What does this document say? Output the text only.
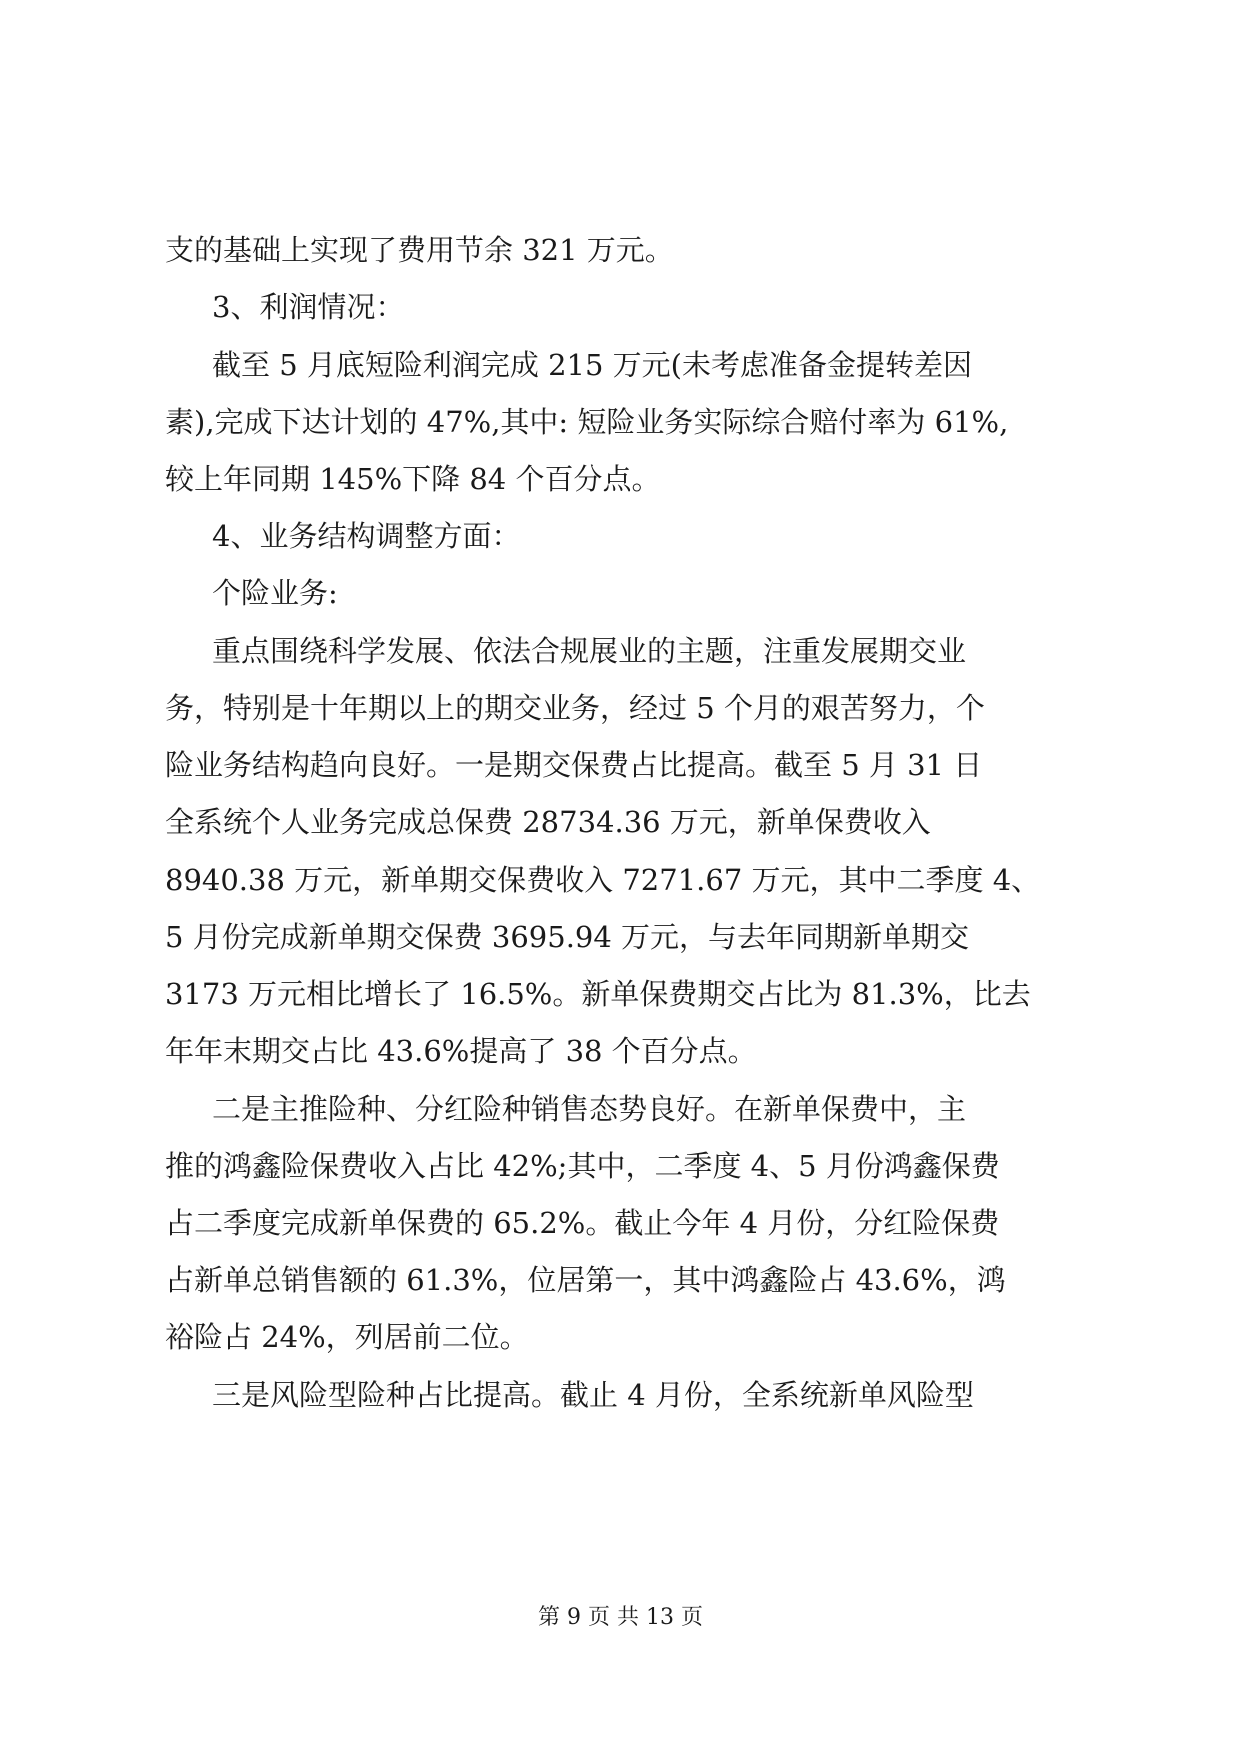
支的基础上实现了费用节余 321 万元。
3、利润情况：
截至 5 月底短险利润完成 215 万元(未考虑准备金提转差因
素),完成下达计划的 47%,其中: 短险业务实际综合赔付率为 61%,
较上年同期 145%下降 84 个百分点。
4、业务结构调整方面：
个险业务:
重点围绕科学发展、依法合规展业的主题，注重发展期交业
务，特别是十年期以上的期交业务，经过 5 个月的艰苦努力，个
险业务结构趋向良好。一是期交保费占比提高。截至 5 月 31 日
全系统个人业务完成总保费 28734.36 万元，新单保费收入
8940.38 万元，新单期交保费收入 7271.67 万元，其中二季度 4、
5 月份完成新单期交保费 3695.94 万元，与去年同期新单期交
3173 万元相比增长了 16.5%。新单保费期交占比为 81.3%，比去
年年末期交占比 43.6%提高了 38 个百分点。
二是主推险种、分红险种销售态势良好。在新单保费中，主
推的鸿鑫险保费收入占比 42%;其中，二季度 4、5 月份鸿鑫保费
占二季度完成新单保费的 65.2%。截止今年 4 月份，分红险保费
占新单总销售额的 61.3%，位居第一，其中鸿鑫险占 43.6%，鸿
裕险占 24%，列居前二位。
三是风险型险种占比提高。截止 4 月份，全系统新单风险型
第 9 页 共 13 页
